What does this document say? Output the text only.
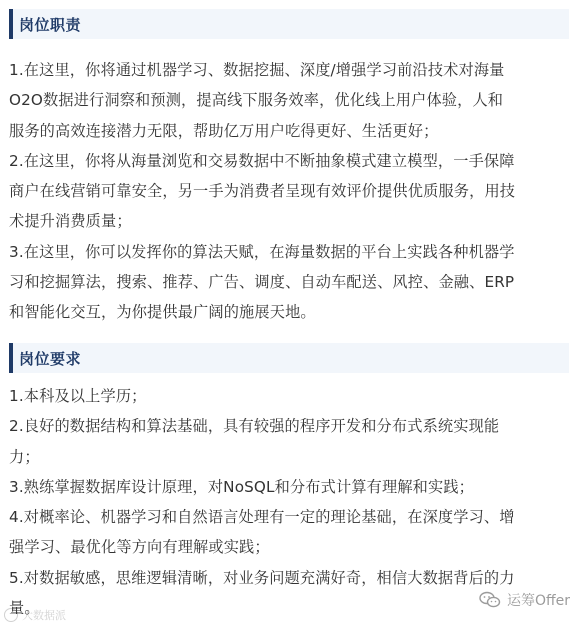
岗位职责
1.在这里，你将通过机器学习、数据挖掘、深度/增强学习前沿技术对海量
O2O数据进行洞察和预测，提高线下服务效率，优化线上用户体验，人和
服务的高效连接潜力无限，帮助亿万用户吃得更好、生活更好；
2.在这里，你将从海量浏览和交易数据中不断抽象模式建立模型，一手保障
商户在线营销可靠安全，另一手为消费者呈现有效评价提供优质服务，用技
术提升消费质量；
3.在这里，你可以发挥你的算法天赋，在海量数据的平台上实践各种机器学
习和挖掘算法，搜索、推荐、广告、调度、自动车配送、风控、金融、ERP
和智能化交互，为你提供最广阔的施展天地。
岗位要求
1.本科及以上学历；
2.良好的数据结构和算法基础，具有较强的程序开发和分布式系统实现能
力；
3.熟练掌握数据库设计原理，对NoSQL和分布式计算有理解和实践；
4.对概率论、机器学习和自然语言处理有一定的理论基础，在深度学习、增
强学习、最优化等方向有理解或实践；
5.对数据敏感，思维逻辑清晰，对业务问题充满好奇，相信大数据背后的力
量。
大数据派
运筹Offer
